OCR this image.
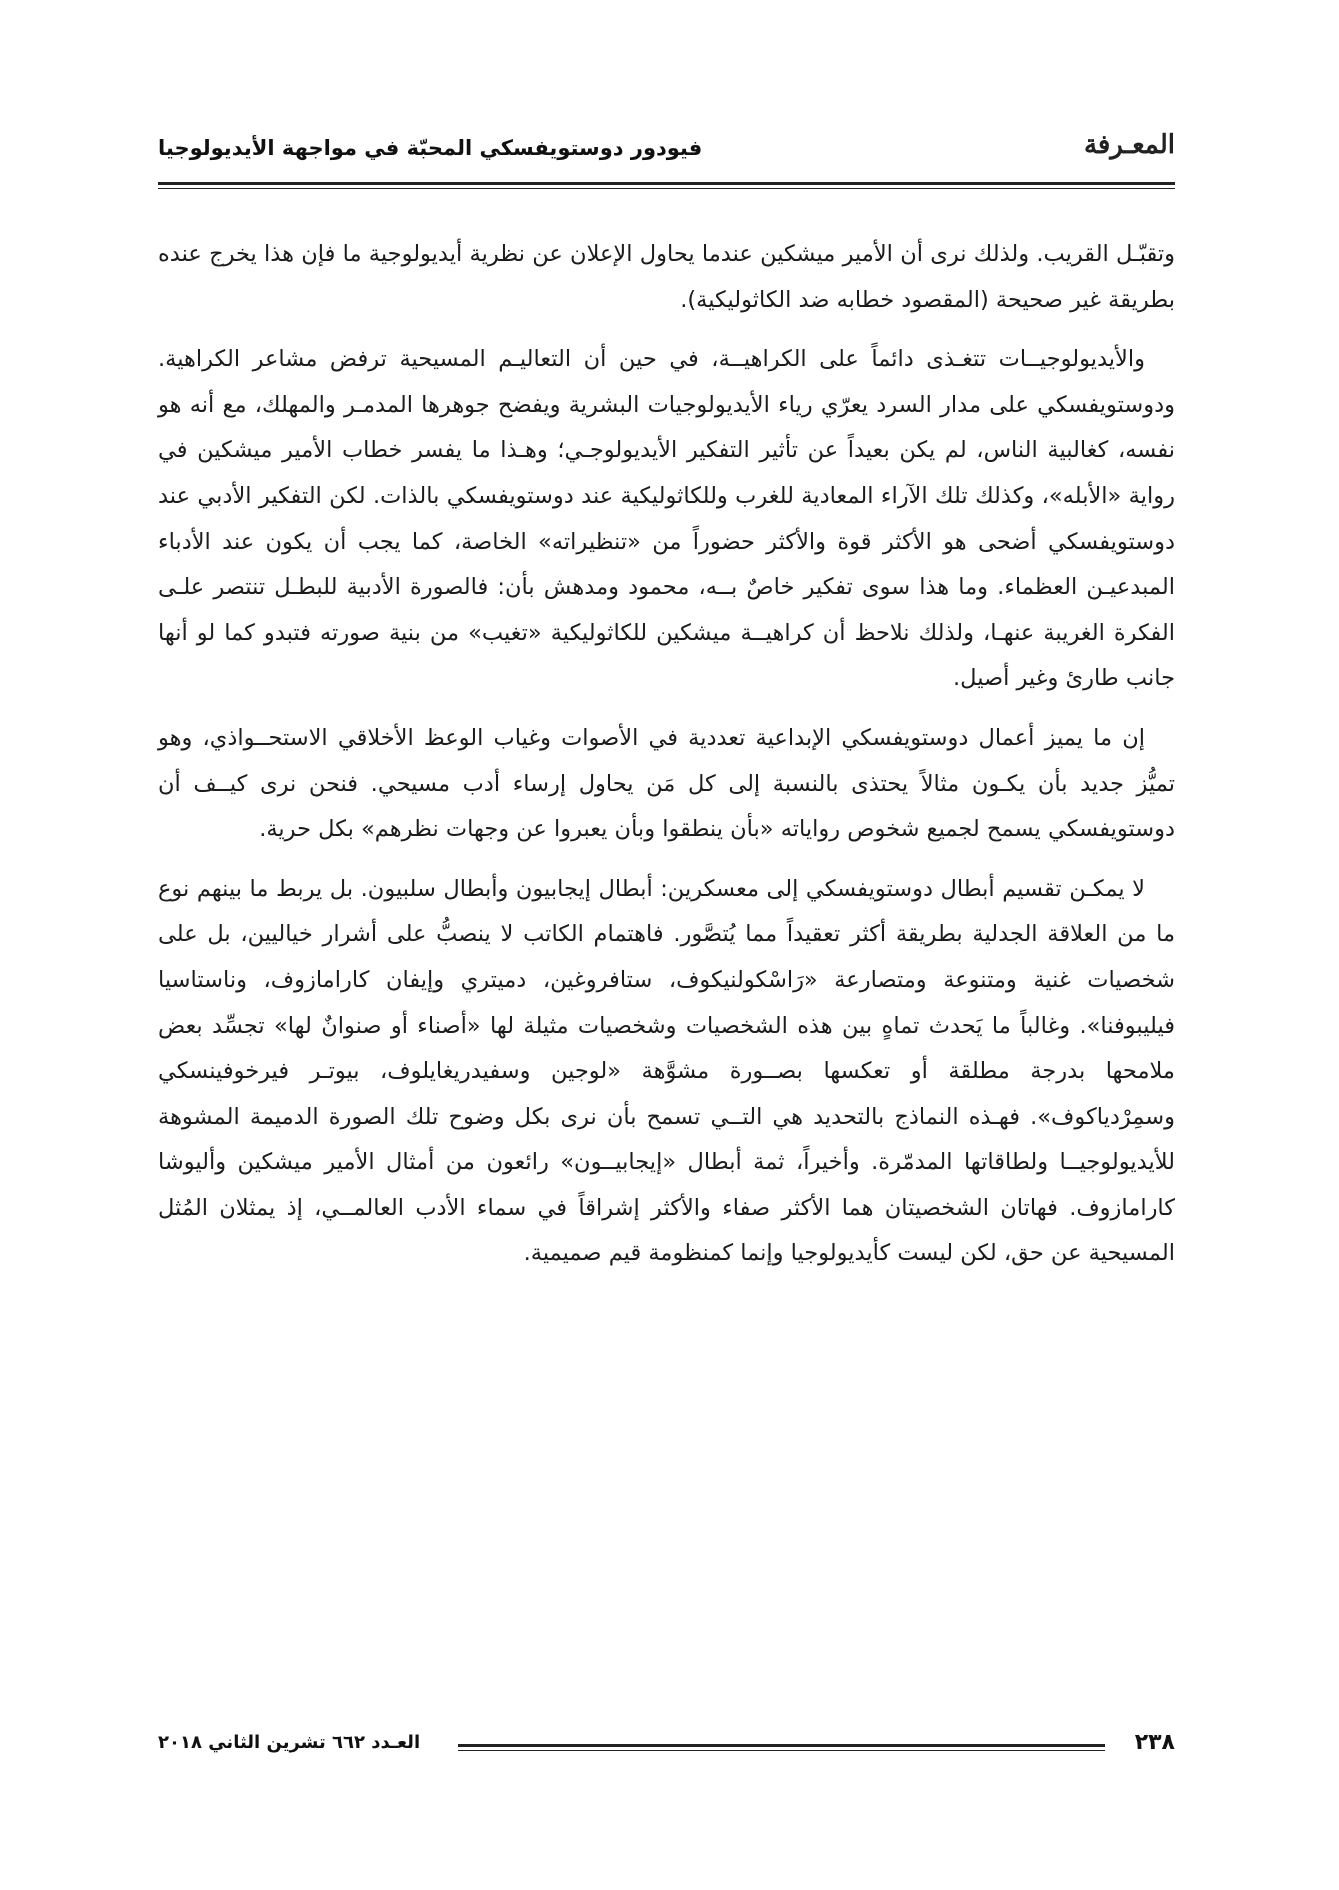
المعـرفة
فيودور دوستويفسكي المحبّة في مواجهة الأيديولوجيا

وتقبّـل القريب. ولذلك نرى أن الأمير ميشكين عندما يحاول الإعلان عن نظرية أيديولوجية ما فإن هذا يخرج عنده بطريقة غير صحيحة (المقصود خطابه ضد الكاثوليكية).

والأيديولوجيــات تتغـذى دائماً على الكراهيــة، في حين أن التعاليـم المسيحية ترفض مشاعر الكراهية. ودوستويفسكي على مدار السرد يعرّي رياء الأيديولوجيات البشرية ويفضح جوهرها المدمـر والمهلك، مع أنه هو نفسه، كغالبية الناس، لم يكن بعيداً عن تأثير التفكير الأيديولوجـي؛ وهـذا ما يفسر خطاب الأمير ميشكين في رواية «الأبله»، وكذلك تلك الآراء المعادية للغرب وللكاثوليكية عند دوستويفسكي بالذات. لكن التفكير الأدبي عند دوستويفسكي أضحى هو الأكثر قوة والأكثر حضوراً من «تنظيراته» الخاصة، كما يجب أن يكون عند الأدباء المبدعيـن العظماء. وما هذا سوى تفكير خاصٌ بــه، محمود ومدهش بأن: فالصورة الأدبية للبطـل تنتصر علـى الفكرة الغريبة عنهـا، ولذلك نلاحظ أن كراهيــة ميشكين للكاثوليكية «تغيب» من بنية صورته فتبدو كما لو أنها جانب طارئ وغير أصيل.

إن ما يميز أعمال دوستويفسكي الإبداعية تعددية في الأصوات وغياب الوعظ الأخلاقي الاستحــواذي، وهو تميُّز جديد بأن يكـون مثالاً يحتذى بالنسبة إلى كل مَن يحاول إرساء أدب مسيحي. فنحن نرى كيــف أن دوستويفسكي يسمح لجميع شخوص رواياته «بأن ينطقوا وبأن يعبروا عن وجهات نظرهم» بكل حرية.

لا يمكـن تقسيم أبطال دوستويفسكي إلى معسكرين: أبطال إيجابيون وأبطال سلبيون. بل يربط ما بينهم نوع ما من العلاقة الجدلية بطريقة أكثر تعقيداً مما يُتصَّور. فاهتمام الكاتب لا ينصبُّ على أشرار خياليين، بل على شخصيات غنية ومتنوعة ومتصارعة «رَاسْكولنيكوف، ستافروغين، دميتري وإيفان كارامازوف، وناستاسيا فيليبوفنا». وغالباً ما يَحدث تماهٍ بين هذه الشخصيات وشخصيات مثيلة لها «أصناء أو صنوانٌ لها» تجسِّد بعض ملامحها بدرجة مطلقة أو تعكسها بصــورة مشوَّهة «لوجين وسفيدريغايلوف، بيوتـر فيرخوفينسكي وسمِرْدياكوف». فهـذه النماذج بالتحديد هي التــي تسمح بأن نرى بكل وضوح تلك الصورة الدميمة المشوهة للأيديولوجيــا ولطاقاتها المدمّرة. وأخيراً، ثمة أبطال «إيجابيــون» رائعون من أمثال الأمير ميشكين وأليوشا كارامازوف. فهاتان الشخصيتان هما الأكثر صفاء والأكثر إشراقاً في سماء الأدب العالمــي، إذ يمثلان المُثل المسيحية عن حق، لكن ليست كأيديولوجيا وإنما كمنظومة قيم صميمية.

٢٣٨
العـدد ٦٦٢ تشرين الثاني ٢٠١٨
